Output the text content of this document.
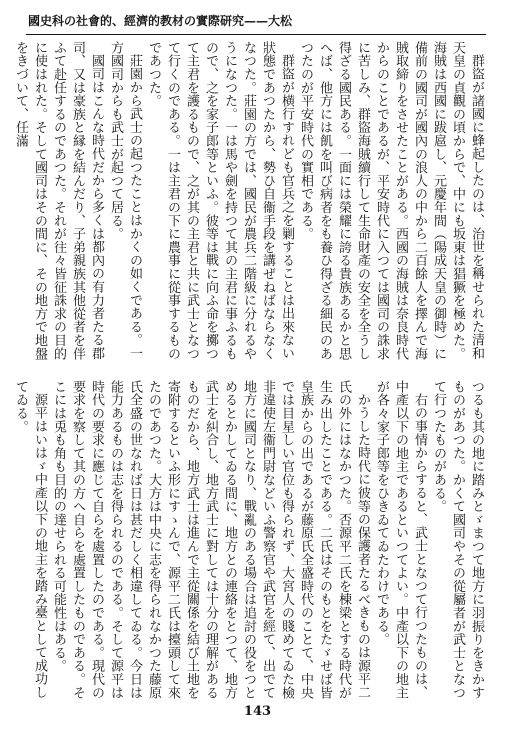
國史科の社會的、經濟的教材の實際研究——大松

群盜が諸國に蜂起したのは、治世を稱せられた清和天皇の貞觀の頃からで、中にも坂東は猖獗を極めた。海賊は西國に跋扈し、元慶年間（陽成天皇の御時）に備前の國司が國內の浪人の中から二百餘人を擇んで海賊取締りをさせたことがある。西國の海賊は奈良時代からのことであるが、平安時代に入つては國司の誅求に苦しみ、群盜海賊續行して生命財產の安全を全うし得ざる國民ある。一面には榮耀に誇る貴族あるかと思へば、他方には飢を叫び病者をも養ひ得ざる細民のあつたのが平安時代の實相である。

群盜が横行すれども官兵之を剿することは出來ない狀態であつたから、勢ひ自衞手段を講ぜねばならなくなつた。莊園の方では、國民が農兵二階級に分れるやうになつた。一は馬や劍を持つて其の主君に事ふるもので、之を家子郎等といふ。彼等は戰に向ふ命を擲つて主君を護るもので、之が其の主君と共に武士となつて行くのである。一は主君の下に農事に從事するものであつた。

莊園から武士の起つたことはかくの如くである。一方國司からも武士が起つて居る。

國司はこんな時代だから多くは都內の有力者たる郡司、又は豪族と縁を結んだり、子弟親族其他從者を伴ふて赴任するのであつた。それが往々皆征誅求の目的に使はれた。そして國司はその間に、その地方で地盤をきづいて、任滿

つるも其の地に踏みとゞまつて地方に羽振りをきかすものがあつた。かくて國司やその從屬者が武士となつて行つたものがある。

右の事情からすると、武士となつて行つたものは、中產以下の地主であるといつてよい。中產以下の地主が各々家子郎等をひきゐてゐたわけである。

かうした時代に彼等の保護者たるべきものは源平二氏の外にはなかつた。否源平二氏を棟梁とする時代が生み出したことである。二氏はそのもとをたゞせば皆皇族からの出であるが藤原氏全盛時代のことて、中央では目星しい官位も得られず、大宮人の賤めてゐた檢非違使左衞門尉などいふ警察官や武官を經て、出でて地方に國司となり、戰亂のある場合は追討の役をつとめるとかしてゐる間に、地方との連絡をとつて、地方武士を糾合し、地方武士に對しては十分の理解があるものだから、地方武士は進んで主從關係を結び土地を寄附するといふ形にすゝんで、源平二氏は擡頭して來たのであつた。大方は中央に志を得られなかつた藤原氏全盛の世なれば日は甚だしく相違してゐる。今日は能力あるものは志を得られるのである。そして源平は時代の要求に應じて自らを處置したのである。現代の要求を察して其の方へ自らを處置したものである。そこには兎も角も目的の達せられる可能性はある。

源平はいはゞ中產以下の地主を踏み臺として成功してゐる。

143
